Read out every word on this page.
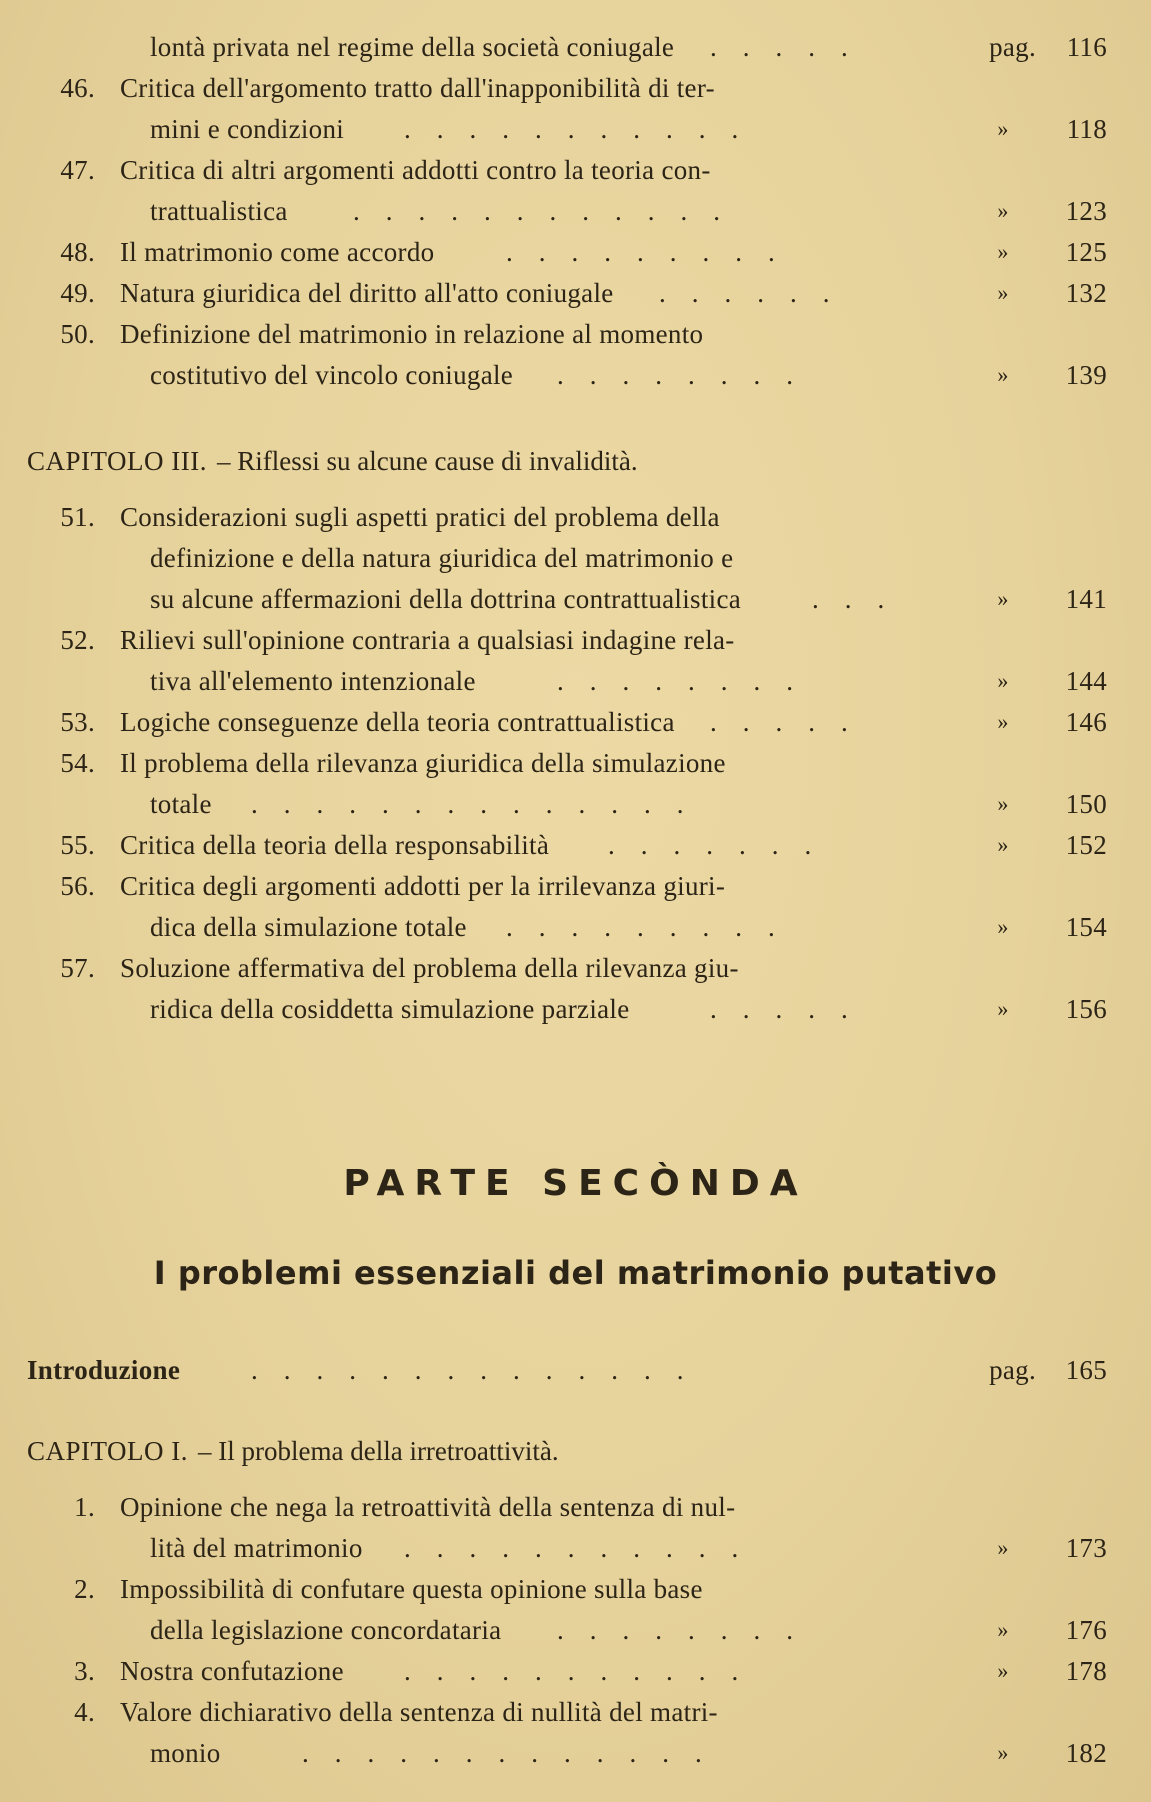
lontà privata nel regime della società coniugale .....	pag. 116
46. Critica dell'argomento tratto dall'inapponibilità di ter-
mini e condizioni ...........	»	118
47. Critica di altri argomenti addotti contro la teoria con-
trattualistica ............	»	123
48. Il matrimonio come accordo	.........	»	125
49. Natura giuridica del diritto all'atto coniugale ......	»	132
50. Definizione del matrimonio in relazione al momento
costitutivo del vincolo coniugale ........	»	139
CAPITOLO III. – Riflessi su alcune cause di invalidità.
51. Considerazioni sugli aspetti pratici del problema della
definizione e della natura giuridica del matrimonio e
su alcune affermazioni della dottrina contrattualistica	...	»	141
52. Rilievi sull'opinione contraria a qualsiasi indagine rela-
tiva all'elemento intenzionale	........	»	144
53. Logiche conseguenze della teoria contrattualistica .....	»	146
54. Il problema della rilevanza giuridica della simulazione
totale ..............	»	150
55. Critica della teoria della responsabilità .......	»	152
56. Critica degli argomenti addotti per la irrilevanza giuri-
dica della simulazione totale .........	»	154
57. Soluzione affermativa del problema della rilevanza giu-
ridica della cosiddetta simulazione parziale	.....	»	156
PARTE SECÒNDA
I problemi essenziali del matrimonio putativo
Introduzione	..............	pag. 165
CAPITOLO I. – Il problema della irretroattività.
1. Opinione che nega la retroattività della sentenza di nul-
lità del matrimonio ...........	»	173
2. Impossibilità di confutare questa opinione sulla base
della legislazione concordataria ........	»	176
3. Nostra confutazione ...........	»	178
4. Valore dichiarativo della sentenza di nullità del matri-
monio	.............	»	182
